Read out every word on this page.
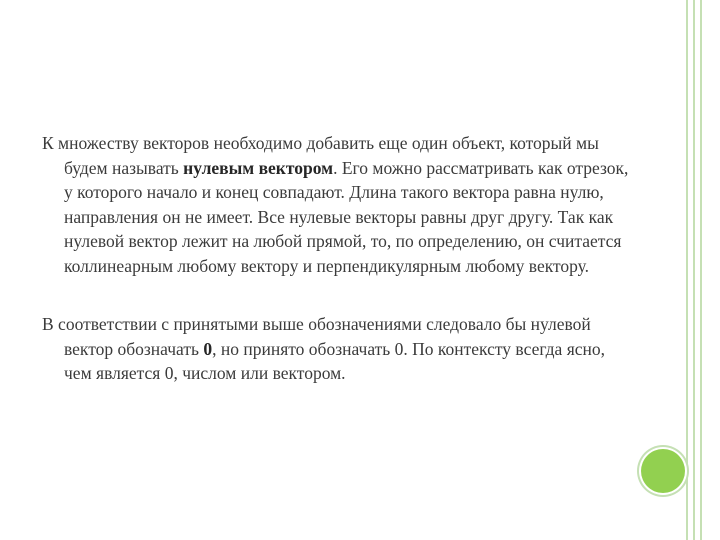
К множеству векторов необходимо добавить еще один объект, который мы будем называть нулевым вектором. Его можно рассматривать как отрезок, у которого начало и конец совпадают. Длина такого вектора равна нулю, направления он не имеет. Все нулевые векторы равны друг другу. Так как нулевой вектор лежит на любой прямой, то, по определению, он считается коллинеарным любому вектору и перпендикулярным любому вектору.

В соответствии с принятыми выше обозначениями следовало бы нулевой вектор обозначать 0, но принято обозначать 0. По контексту всегда ясно, чем является 0, числом или вектором.
